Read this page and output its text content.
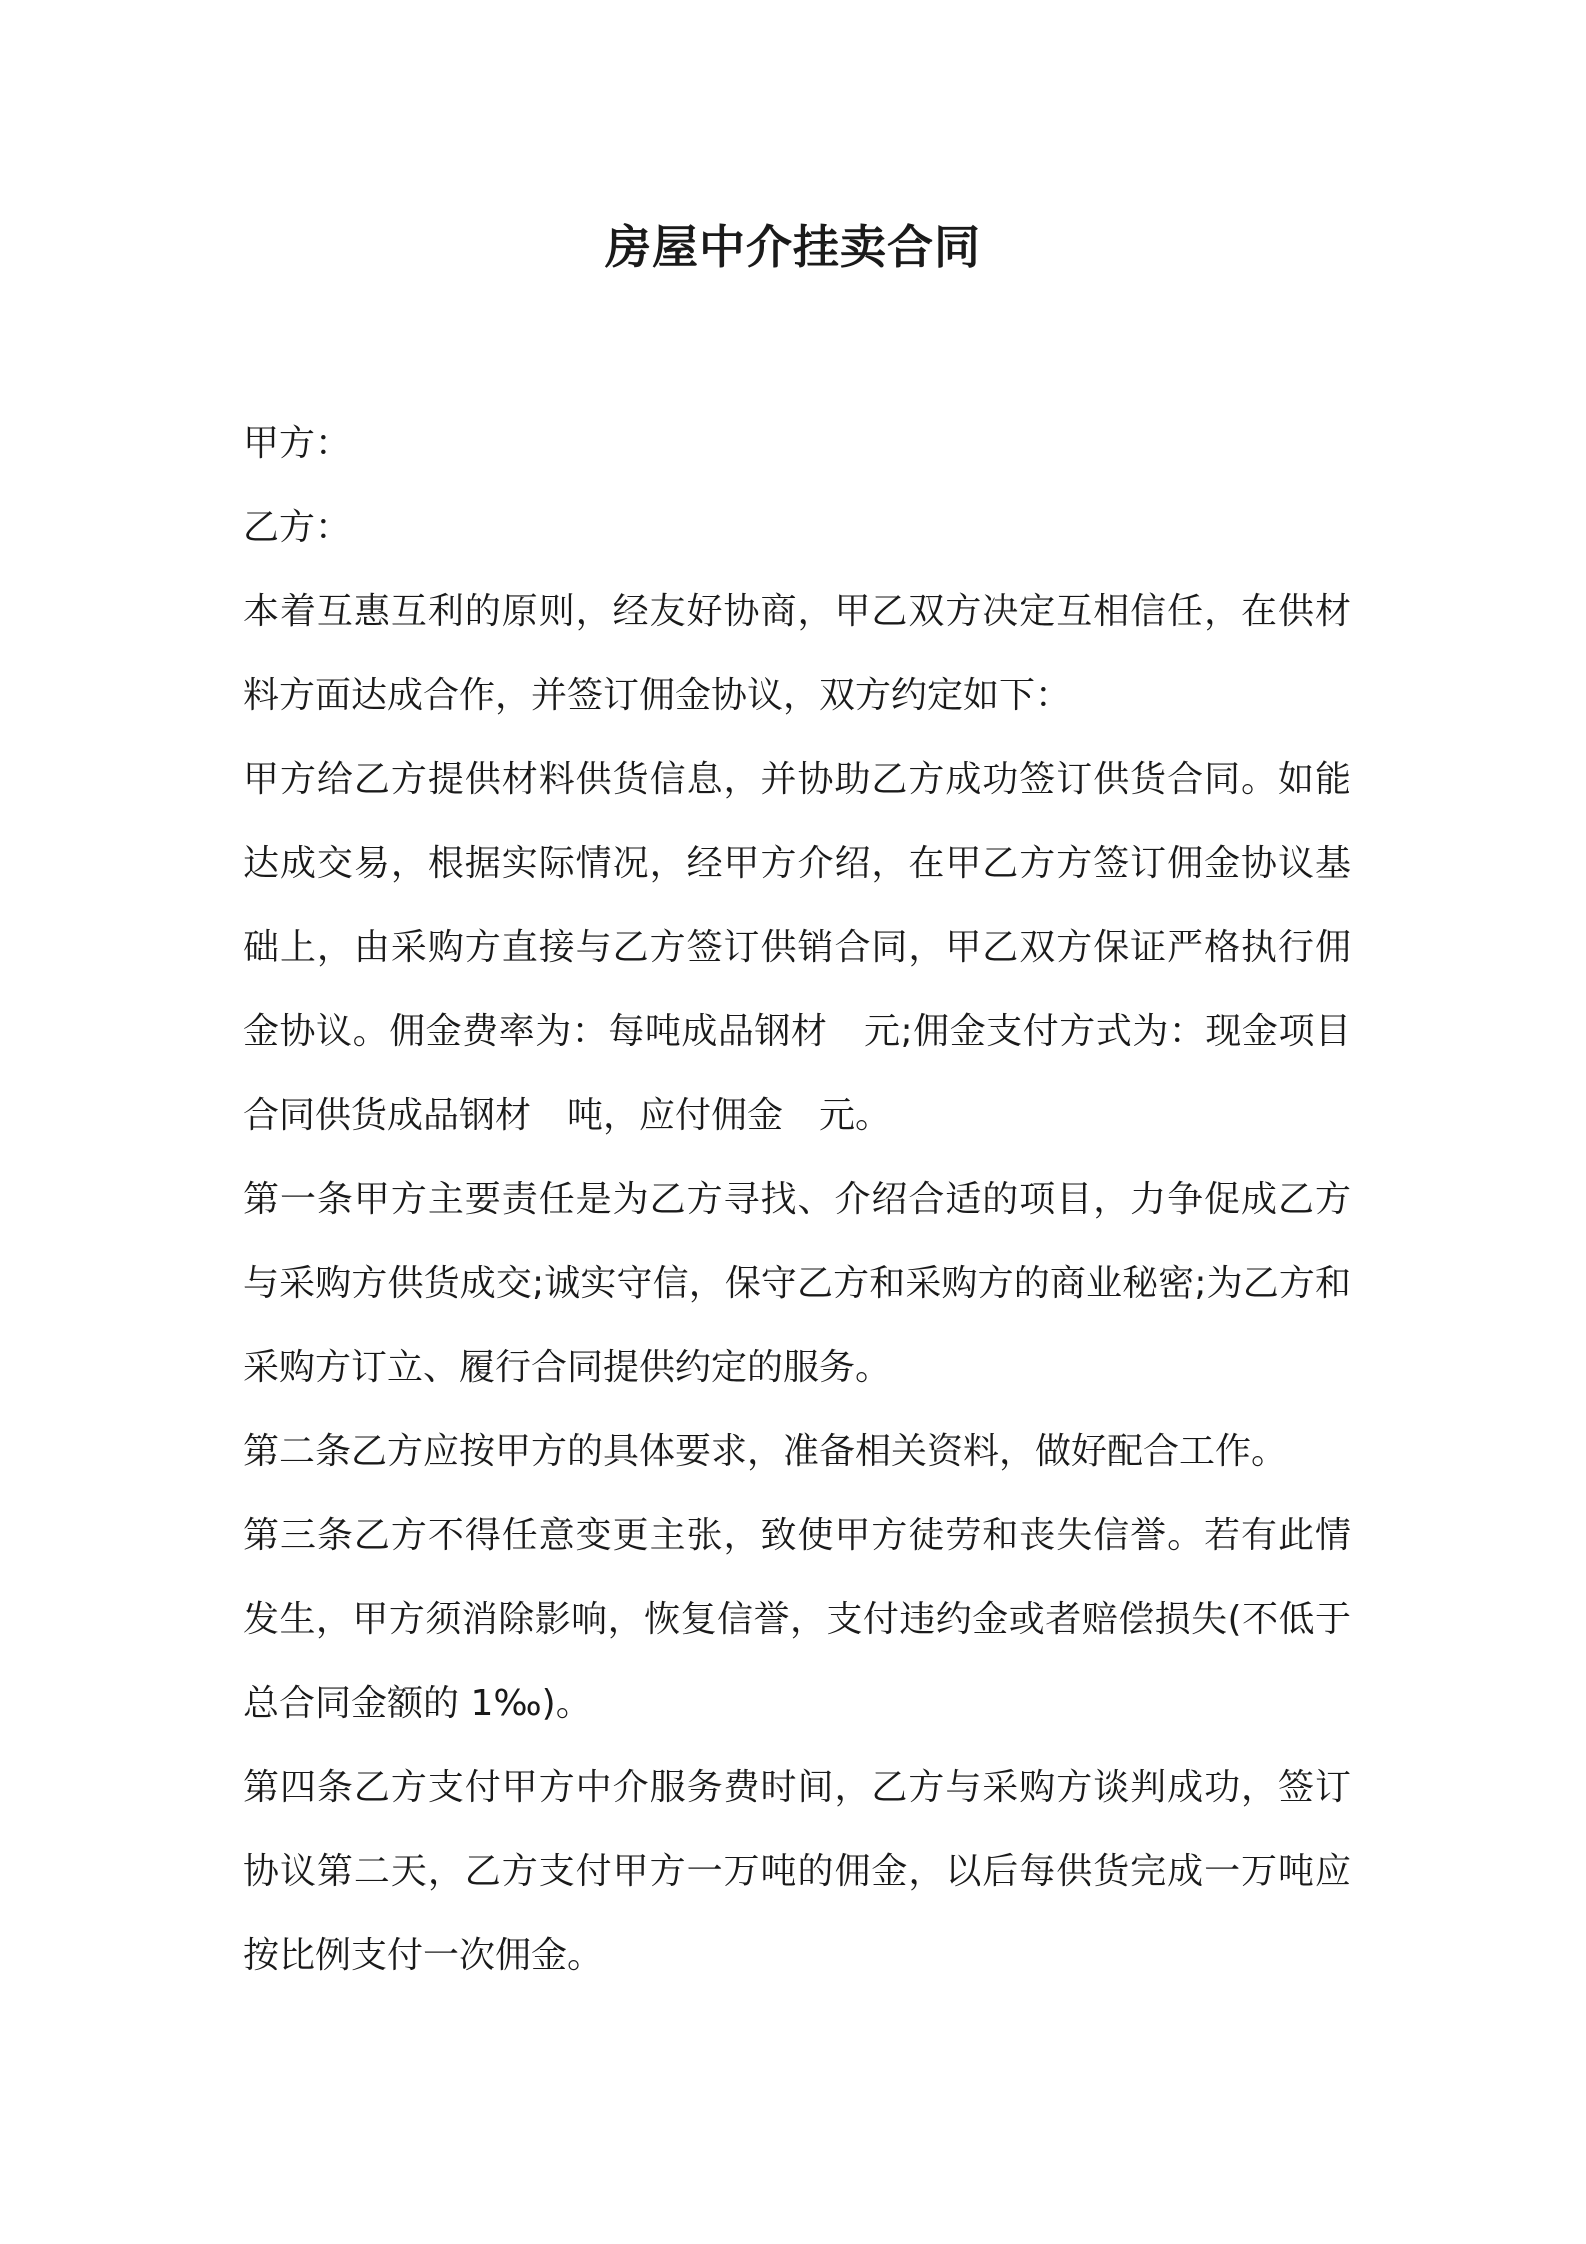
房屋中介挂卖合同

甲方：

乙方：

本着互惠互利的原则，经友好协商，甲乙双方决定互相信任，在供材料方面达成合作，并签订佣金协议，双方约定如下：

甲方给乙方提供材料供货信息，并协助乙方成功签订供货合同。如能达成交易，根据实际情况，经甲方介绍，在甲乙方方签订佣金协议基础上，由采购方直接与乙方签订供销合同，甲乙双方保证严格执行佣金协议。佣金费率为：每吨成品钢材　元;佣金支付方式为：现金项目合同供货成品钢材　吨，应付佣金　元。

第一条甲方主要责任是为乙方寻找、介绍合适的项目，力争促成乙方与采购方供货成交;诚实守信，保守乙方和采购方的商业秘密;为乙方和采购方订立、履行合同提供约定的服务。

第二条乙方应按甲方的具体要求，准备相关资料，做好配合工作。

第三条乙方不得任意变更主张，致使甲方徒劳和丧失信誉。若有此情发生，甲方须消除影响，恢复信誉，支付违约金或者赔偿损失(不低于总合同金额的 1‰)。

第四条乙方支付甲方中介服务费时间，乙方与采购方谈判成功，签订协议第二天，乙方支付甲方一万吨的佣金，以后每供货完成一万吨应按比例支付一次佣金。
